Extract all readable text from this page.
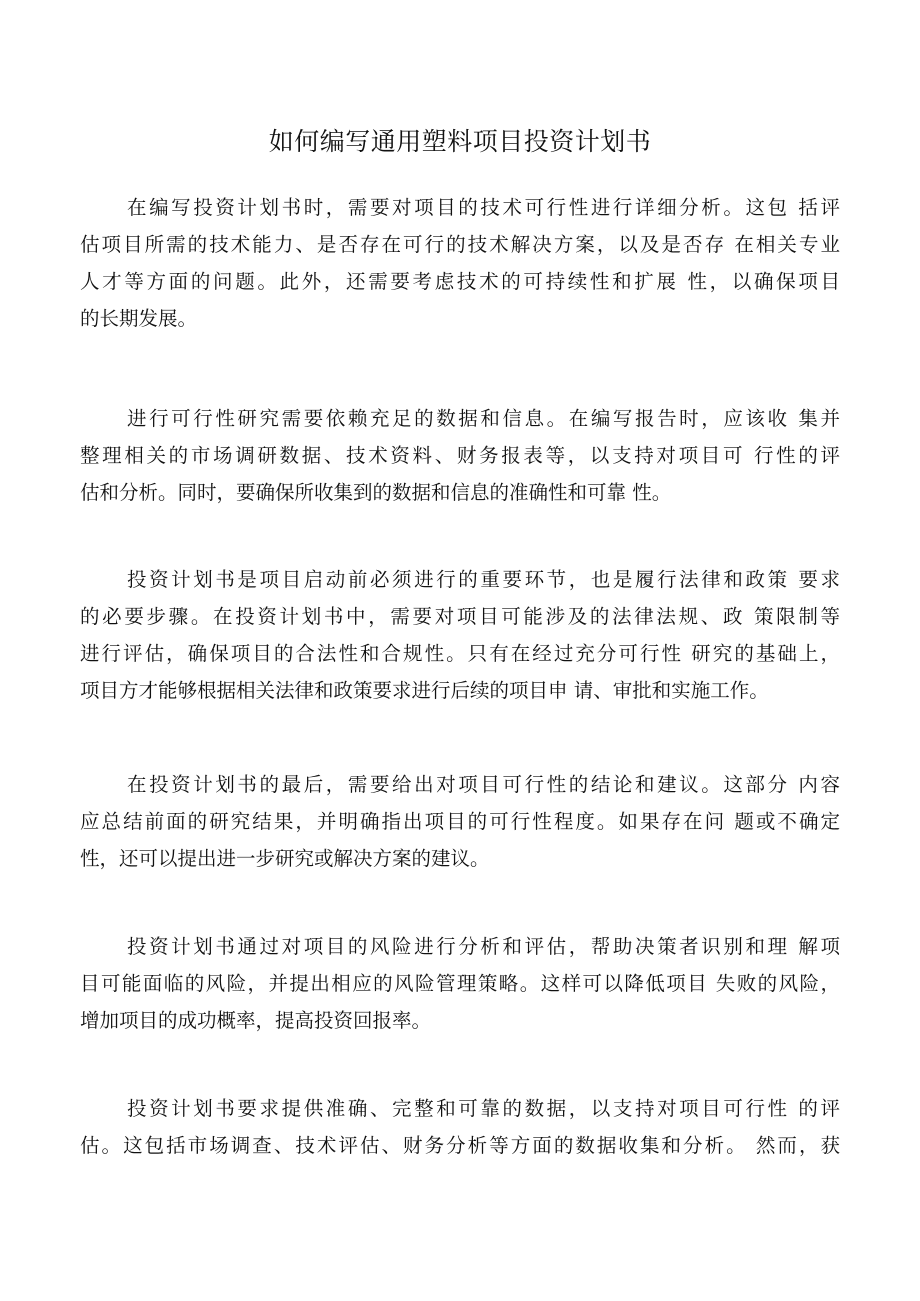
如何编写通用塑料项目投资计划书
在编写投资计划书时，需要对项目的技术可行性进行详细分析。这包 括评
估项目所需的技术能力、是否存在可行的技术解决方案，以及是否存 在相关专业
人才等方面的问题。此外，还需要考虑技术的可持续性和扩展 性，以确保项目
的长期发展。
进行可行性研究需要依赖充足的数据和信息。在编写报告时，应该收 集并
整理相关的市场调研数据、技术资料、财务报表等，以支持对项目可 行性的评
估和分析。同时，要确保所收集到的数据和信息的准确性和可靠 性。
投资计划书是项目启动前必须进行的重要环节，也是履行法律和政策 要求
的必要步骤。在投资计划书中，需要对项目可能涉及的法律法规、政 策限制等
进行评估，确保项目的合法性和合规性。只有在经过充分可行性 研究的基础上，
项目方才能够根据相关法律和政策要求进行后续的项目申 请、审批和实施工作。
在投资计划书的最后，需要给出对项目可行性的结论和建议。这部分 内容
应总结前面的研究结果，并明确指出项目的可行性程度。如果存在问 题或不确定
性，还可以提出进一步研究或解决方案的建议。
投资计划书通过对项目的风险进行分析和评估，帮助决策者识别和理 解项
目可能面临的风险，并提出相应的风险管理策略。这样可以降低项目 失败的风险，
增加项目的成功概率，提高投资回报率。
投资计划书要求提供准确、完整和可靠的数据，以支持对项目可行性 的评
估。这包括市场调查、技术评估、财务分析等方面的数据收集和分析。 然而，获
